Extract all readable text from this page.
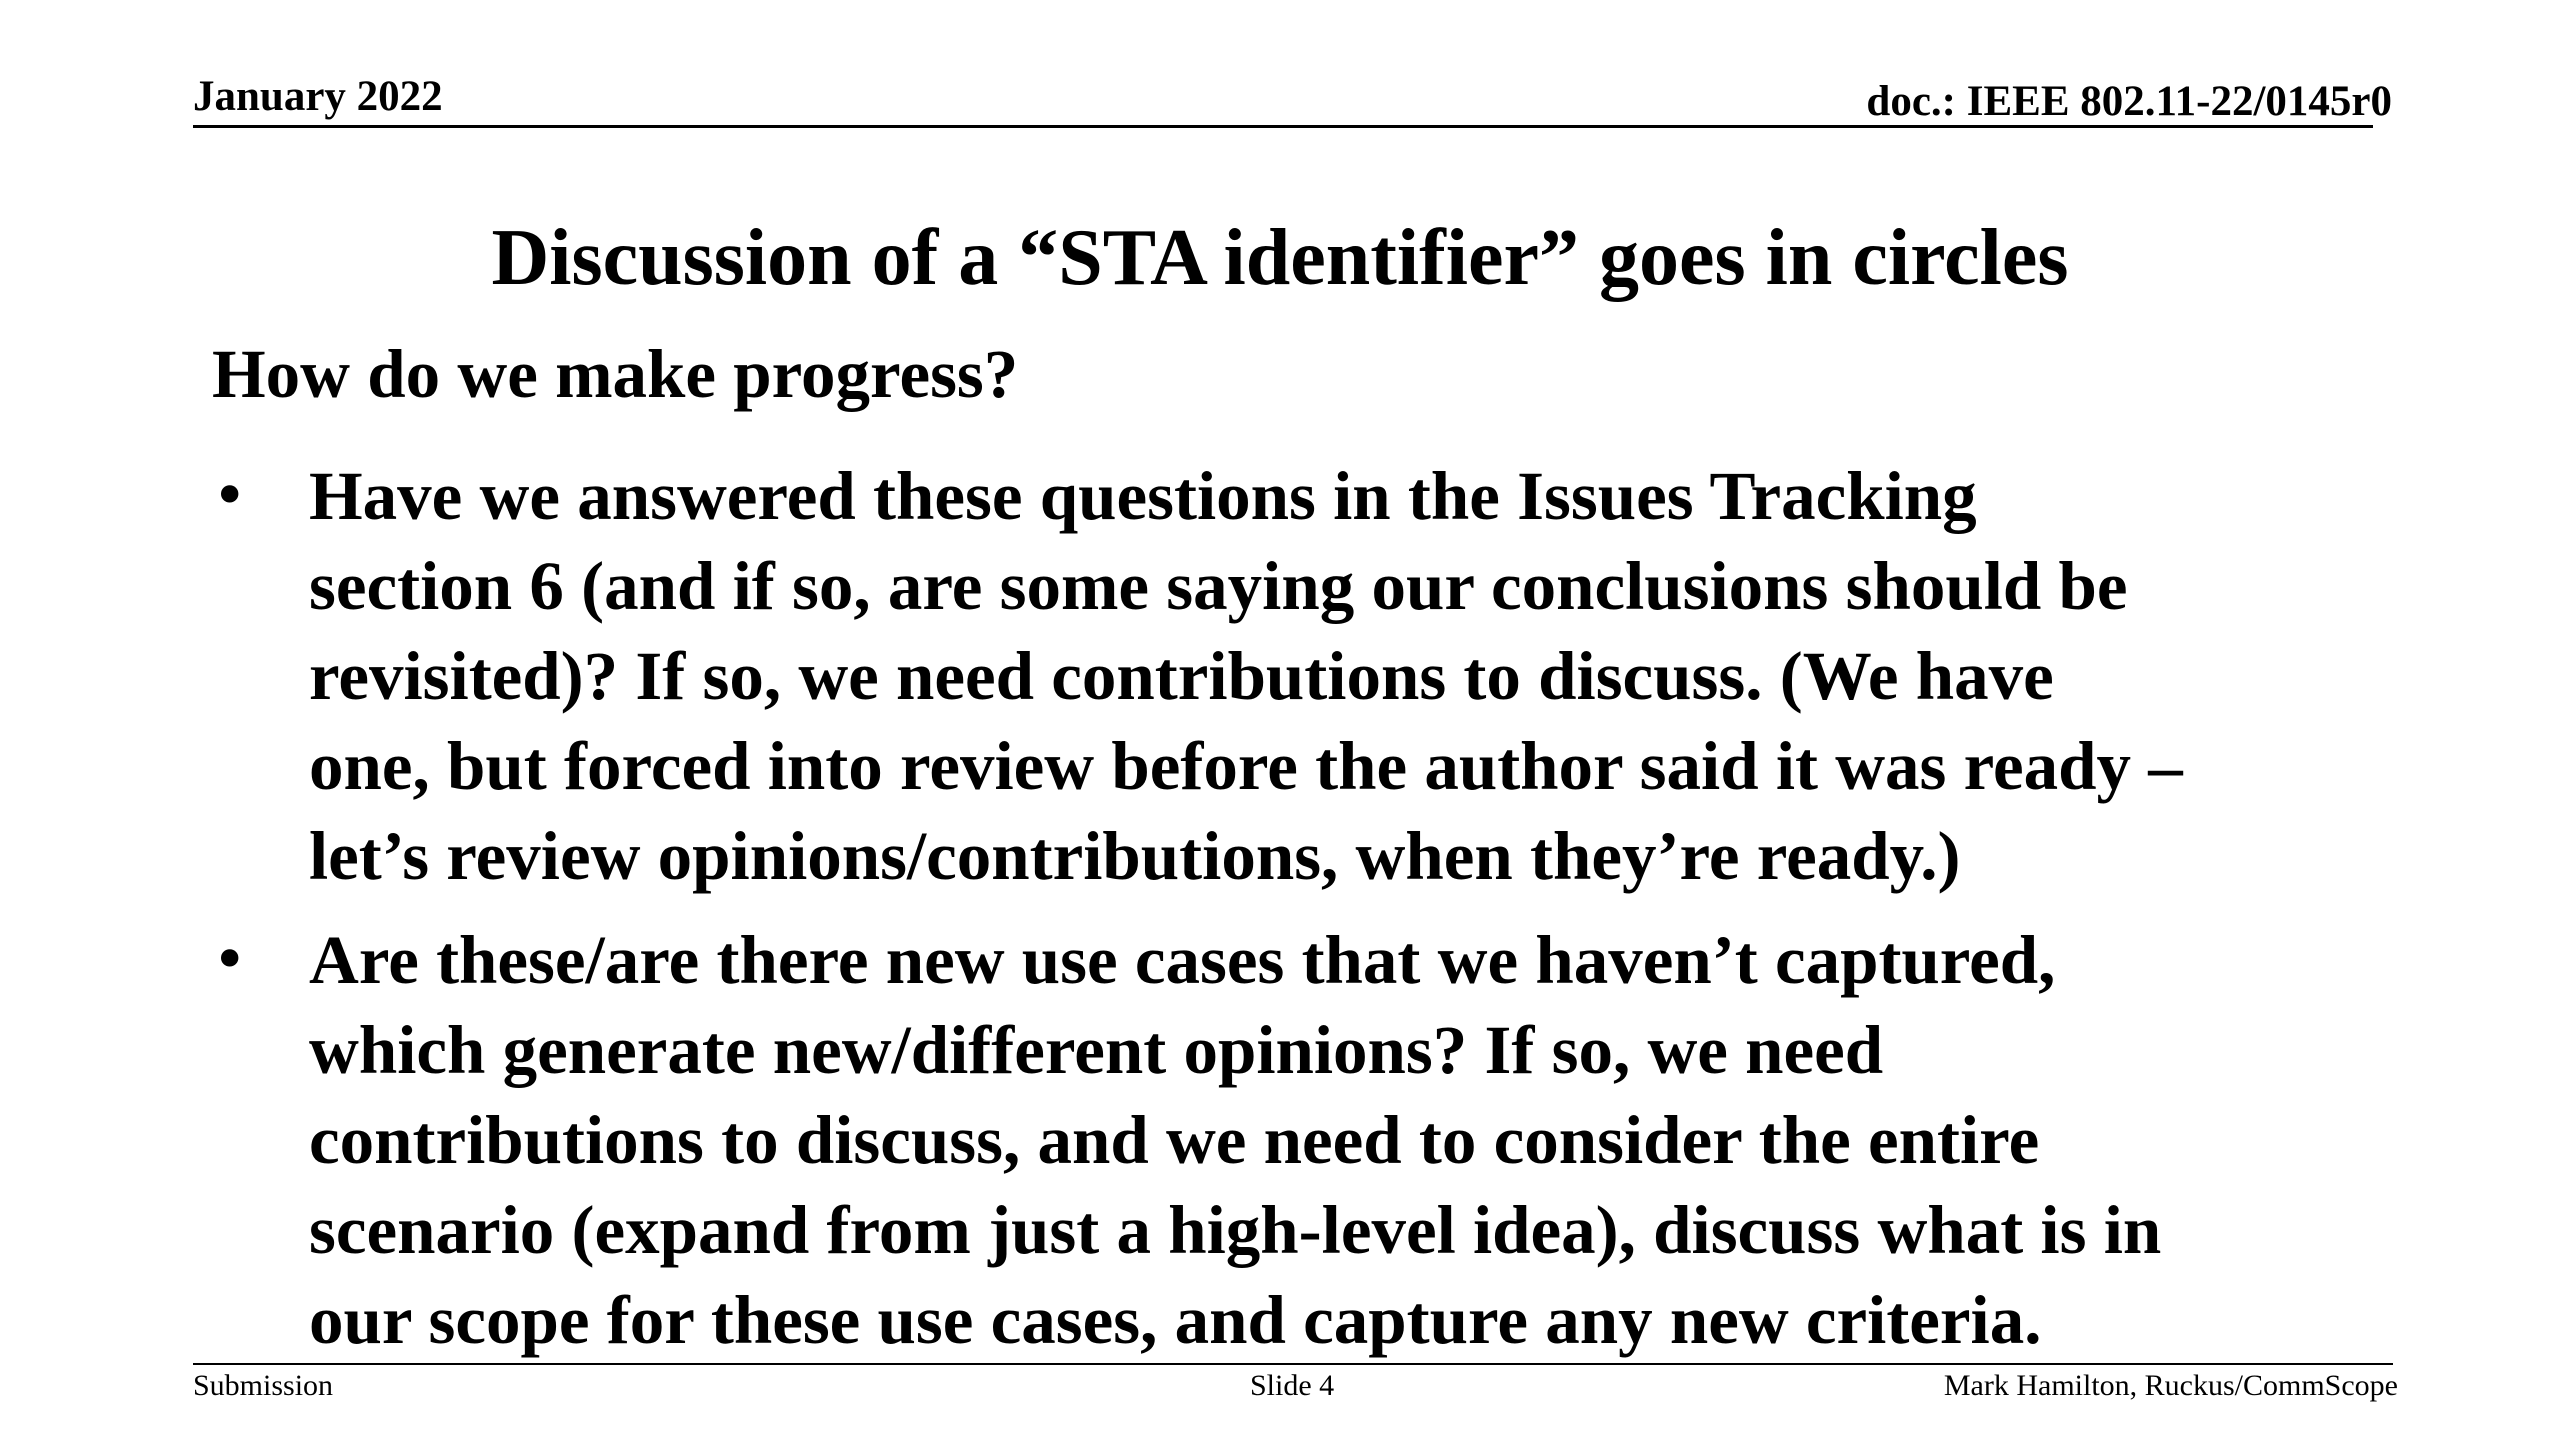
January 2022	doc.: IEEE 802.11-22/0145r0
Discussion of a “STA identifier” goes in circles
How do we make progress?
• Have we answered these questions in the Issues Tracking
section 6 (and if so, are some saying our conclusions should be
revisited)? If so, we need contributions to discuss. (We have
one, but forced into review before the author said it was ready –
let’s review opinions/contributions, when they’re ready.)
• Are these/are there new use cases that we haven’t captured,
which generate new/different opinions? If so, we need
contributions to discuss, and we need to consider the entire
scenario (expand from just a high-level idea), discuss what is in
our scope for these use cases, and capture any new criteria.
Submission	Slide 4	Mark Hamilton, Ruckus/CommScope
